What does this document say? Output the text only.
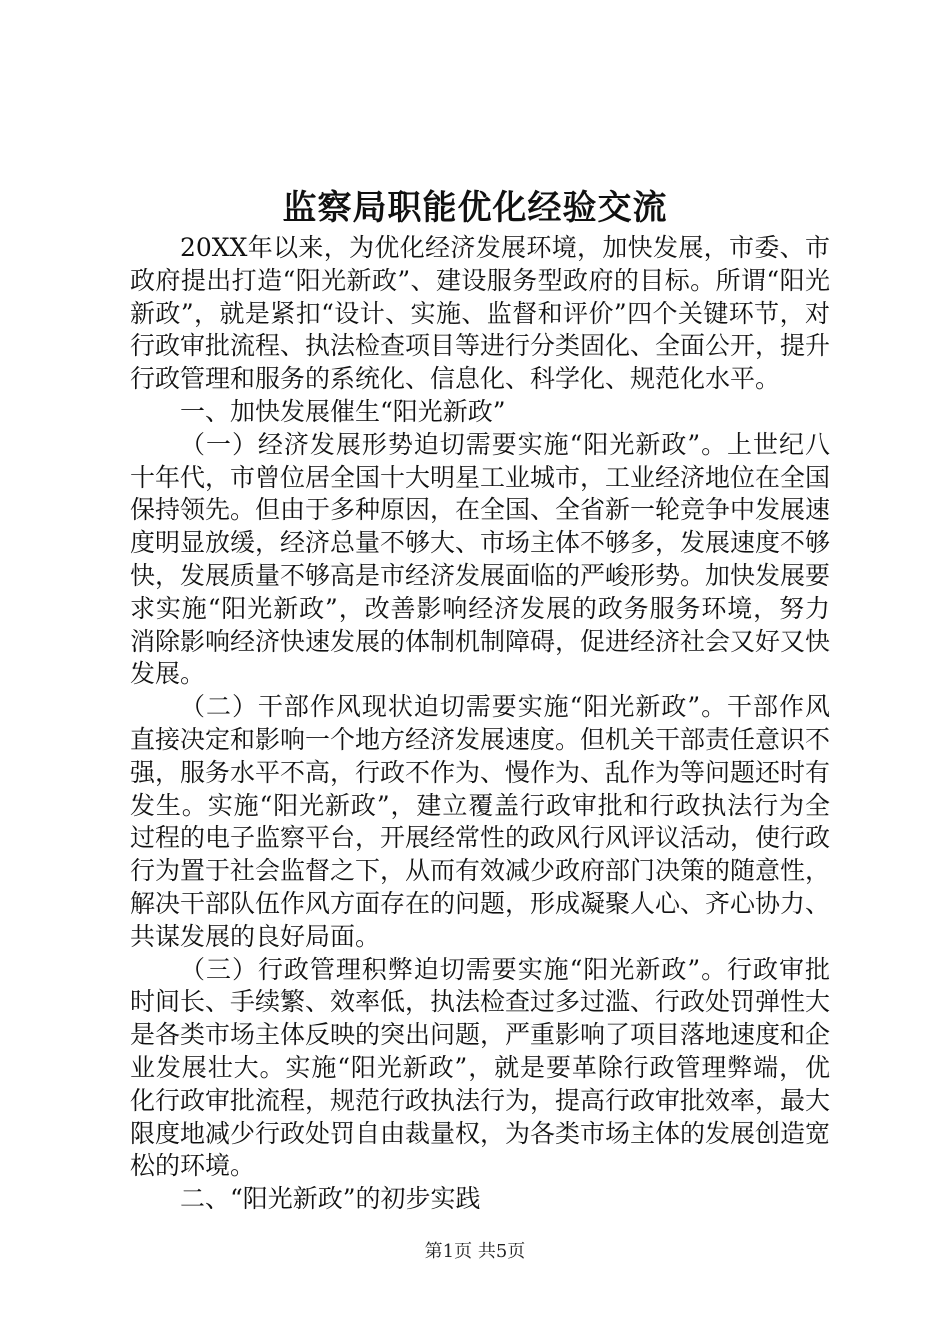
监察局职能优化经验交流

20XX年以来，为优化经济发展环境，加快发展，市委、市政府提出打造“阳光新政”、建设服务型政府的目标。所谓“阳光新政”，就是紧扣“设计、实施、监督和评价”四个关键环节，对行政审批流程、执法检查项目等进行分类固化、全面公开，提升行政管理和服务的系统化、信息化、科学化、规范化水平。

一、加快发展催生“阳光新政”

（一）经济发展形势迫切需要实施“阳光新政”。上世纪八十年代，市曾位居全国十大明星工业城市，工业经济地位在全国保持领先。但由于多种原因，在全国、全省新一轮竞争中发展速度明显放缓，经济总量不够大、市场主体不够多，发展速度不够快，发展质量不够高是市经济发展面临的严峻形势。加快发展要求实施“阳光新政”，改善影响经济发展的政务服务环境，努力消除影响经济快速发展的体制机制障碍，促进经济社会又好又快发展。

（二）干部作风现状迫切需要实施“阳光新政”。干部作风直接决定和影响一个地方经济发展速度。但机关干部责任意识不强，服务水平不高，行政不作为、慢作为、乱作为等问题还时有发生。实施“阳光新政”，建立覆盖行政审批和行政执法行为全过程的电子监察平台，开展经常性的政风行风评议活动，使行政行为置于社会监督之下，从而有效减少政府部门决策的随意性，解决干部队伍作风方面存在的问题，形成凝聚人心、齐心协力、共谋发展的良好局面。

（三）行政管理积弊迫切需要实施“阳光新政”。行政审批时间长、手续繁、效率低，执法检查过多过滥、行政处罚弹性大是各类市场主体反映的突出问题，严重影响了项目落地速度和企业发展壮大。实施“阳光新政”，就是要革除行政管理弊端，优化行政审批流程，规范行政执法行为，提高行政审批效率，最大限度地减少行政处罚自由裁量权，为各类市场主体的发展创造宽松的环境。

二、“阳光新政”的初步实践

第1页 共5页
